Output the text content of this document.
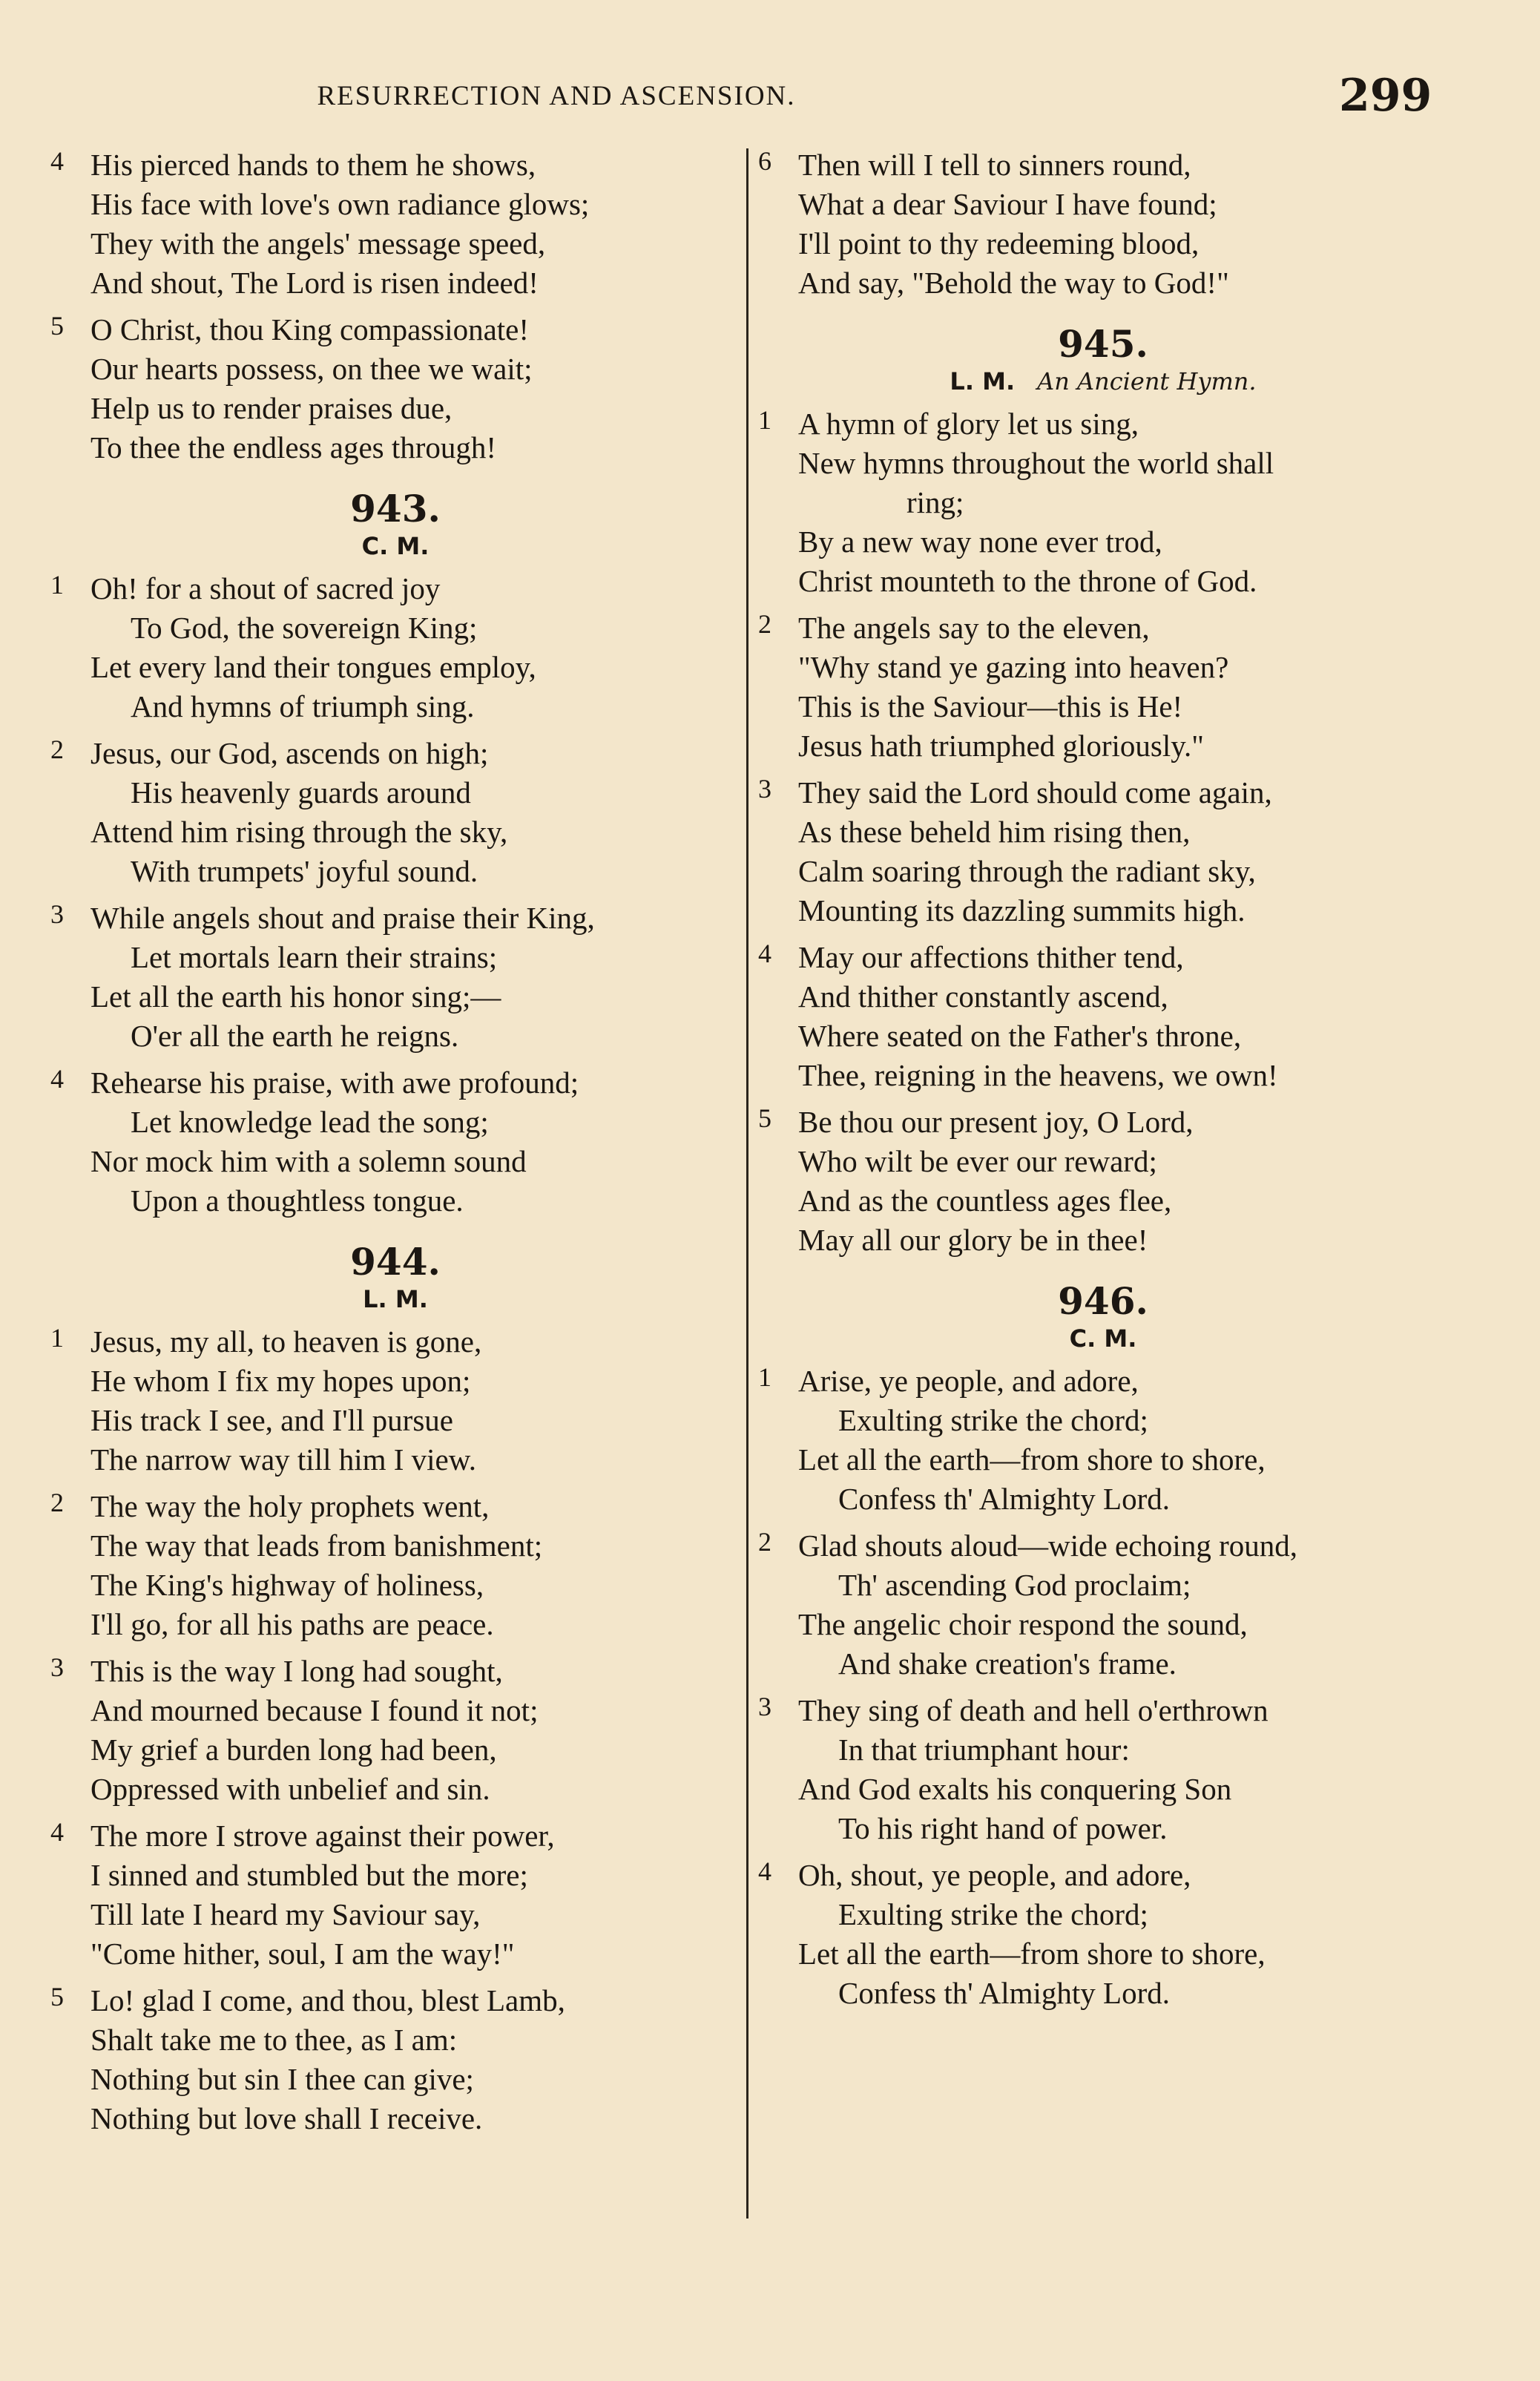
RESURRECTION AND ASCENSION.	299
4 His pierced hands to them he shows,
His face with love's own radiance glows;
They with the angels' message speed,
And shout, The Lord is risen indeed!
5 O Christ, thou King compassionate!
Our hearts possess, on thee we wait;
Help us to render praises due,
To thee the endless ages through!
943.
C. M.
1 Oh! for a shout of sacred joy
To God, the sovereign King;
Let every land their tongues employ,
And hymns of triumph sing.
2 Jesus, our God, ascends on high;
His heavenly guards around
Attend him rising through the sky,
With trumpets' joyful sound.
3 While angels shout and praise their King,
Let mortals learn their strains;
Let all the earth his honor sing;—
O'er all the earth he reigns.
4 Rehearse his praise, with awe profound;
Let knowledge lead the song;
Nor mock him with a solemn sound
Upon a thoughtless tongue.
944.
L. M.
1 Jesus, my all, to heaven is gone,
He whom I fix my hopes upon;
His track I see, and I'll pursue
The narrow way till him I view.
2 The way the holy prophets went,
The way that leads from banishment;
The King's highway of holiness,
I'll go, for all his paths are peace.
3 This is the way I long had sought,
And mourned because I found it not;
My grief a burden long had been,
Oppressed with unbelief and sin.
4 The more I strove against their power,
I sinned and stumbled but the more;
Till late I heard my Saviour say,
"Come hither, soul, I am the way!"
5 Lo! glad I come, and thou, blest Lamb,
Shalt take me to thee, as I am:
Nothing but sin I thee can give;
Nothing but love shall I receive.
6 Then will I tell to sinners round,
What a dear Saviour I have found;
I'll point to thy redeeming blood,
And say, "Behold the way to God!"
945.
L. M. An Ancient Hymn.
1 A hymn of glory let us sing,
New hymns throughout the world shall
ring;
By a new way none ever trod,
Christ mounteth to the throne of God.
2 The angels say to the eleven,
"Why stand ye gazing into heaven?
This is the Saviour—this is He!
Jesus hath triumphed gloriously."
3 They said the Lord should come again,
As these beheld him rising then,
Calm soaring through the radiant sky,
Mounting its dazzling summits high.
4 May our affections thither tend,
And thither constantly ascend,
Where seated on the Father's throne,
Thee, reigning in the heavens, we own!
5 Be thou our present joy, O Lord,
Who wilt be ever our reward;
And as the countless ages flee,
May all our glory be in thee!
946.
C. M.
1 Arise, ye people, and adore,
Exulting strike the chord;
Let all the earth—from shore to shore,
Confess th' Almighty Lord.
2 Glad shouts aloud—wide echoing round,
Th' ascending God proclaim;
The angelic choir respond the sound,
And shake creation's frame.
3 They sing of death and hell o'erthrown
In that triumphant hour:
And God exalts his conquering Son
To his right hand of power.
4 Oh, shout, ye people, and adore,
Exulting strike the chord;
Let all the earth—from shore to shore,
Confess th' Almighty Lord.
